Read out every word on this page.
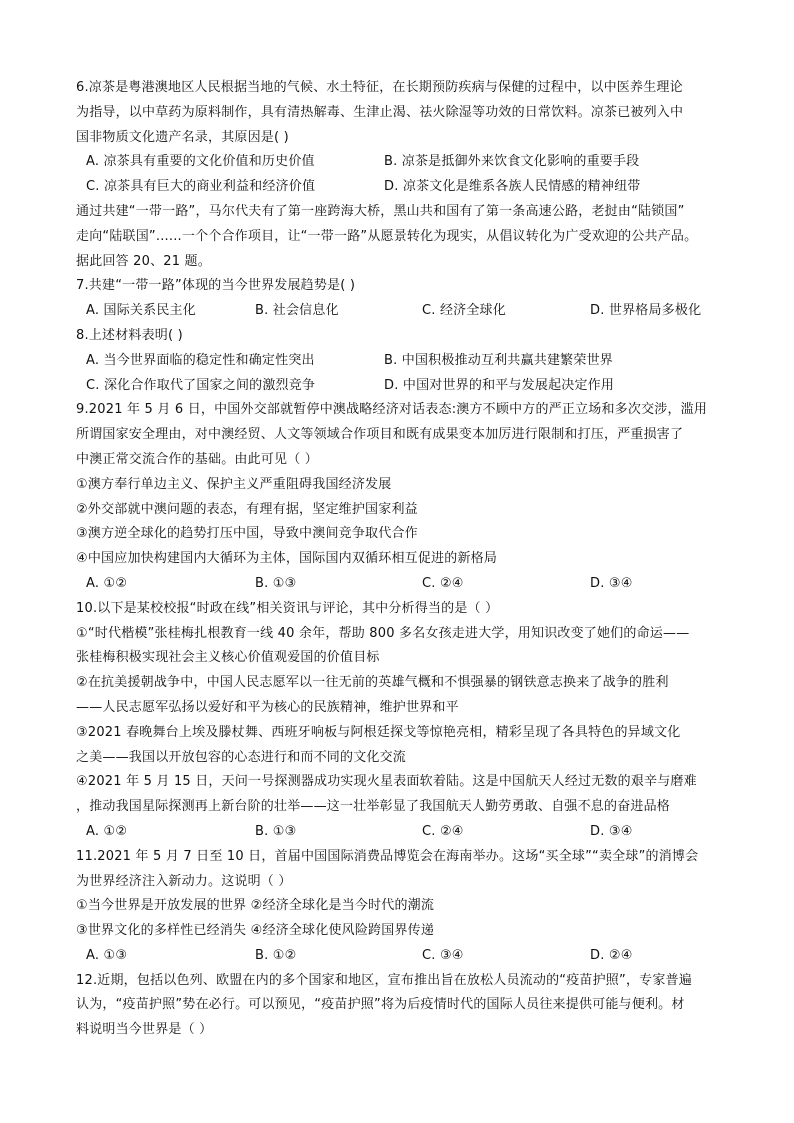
6.凉茶是粤港澳地区人民根据当地的气候、水土特征，在长期预防疾病与保健的过程中，以中医养生理论
为指导，以中草药为原料制作，具有清热解毒、生津止渴、祛火除湿等功效的日常饮料。凉茶已被列入中
国非物质文化遗产名录，其原因是( )
A. 凉茶具有重要的文化价值和历史价值	B. 凉茶是抵御外来饮食文化影响的重要手段
C. 凉茶具有巨大的商业利益和经济价值	D. 凉茶文化是维系各族人民情感的精神纽带
通过共建“一带一路”，马尔代夫有了第一座跨海大桥，黑山共和国有了第一条高速公路，老挝由“陆锁国”
走向“陆联国”......一个个合作项目，让“一带一路”从愿景转化为现实，从倡议转化为广受欢迎的公共产品。
据此回答 20、21 题。
7.共建“一带一路”体现的当今世界发展趋势是( )
A. 国际关系民主化	B. 社会信息化	C. 经济全球化	D. 世界格局多极化
8.上述材料表明( )
A. 当今世界面临的稳定性和确定性突出	B. 中国积极推动互利共赢共建繁荣世界
C. 深化合作取代了国家之间的激烈竞争	D. 中国对世界的和平与发展起决定作用
9.2021 年 5 月 6 日，中国外交部就暂停中澳战略经济对话表态:澳方不顾中方的严正立场和多次交涉，滥用
所谓国家安全理由，对中澳经贸、人文等领域合作项目和既有成果变本加厉进行限制和打压，严重损害了
中澳正常交流合作的基础。由此可见（ ）
①澳方奉行单边主义、保护主义严重阻碍我国经济发展
②外交部就中澳问题的表态，有理有据，坚定维护国家利益
③澳方逆全球化的趋势打压中国，导致中澳间竞争取代合作
④中国应加快构建国内大循环为主体，国际国内双循环相互促进的新格局
A. ①②	B. ①③	C. ②④	D. ③④
10.以下是某校校报“时政在线”相关资讯与评论，其中分析得当的是（ ）
①“时代楷模”张桂梅扎根教育一线 40 余年，帮助 800 多名女孩走进大学，用知识改变了她们的命运——
张桂梅积极实现社会主义核心价值观爱国的价值目标
②在抗美援朝战争中，中国人民志愿军以一往无前的英雄气概和不惧强暴的钢铁意志换来了战争的胜利
——人民志愿军弘扬以爱好和平为核心的民族精神，维护世界和平
③2021 春晚舞台上埃及滕杖舞、西班牙响板与阿根廷探戈等惊艳亮相，精彩呈现了各具特色的异域文化
之美——我国以开放包容的心态进行和而不同的文化交流
④2021 年 5 月 15 日，天问一号探测器成功实现火星表面软着陆。这是中国航天人经过无数的艰辛与磨难
，推动我国星际探测再上新台阶的壮举——这一壮举彰显了我国航天人勤劳勇敢、自强不息的奋进品格
A. ①②	B. ①③	C. ②④	D. ③④
11.2021 年 5 月 7 日至 10 日，首届中国国际消费品博览会在海南举办。这场“买全球”“卖全球”的消博会
为世界经济注入新动力。这说明（ ）
①当今世界是开放发展的世界 ②经济全球化是当今时代的潮流
③世界文化的多样性已经消失 ④经济全球化使风险跨国界传递
A. ①③	B. ①②	C. ③④	D. ②④
12.近期，包括以色列、欧盟在内的多个国家和地区，宣布推出旨在放松人员流动的“疫苗护照”，专家普遍
认为，“疫苗护照”势在必行。可以预见，“疫苗护照”将为后疫情时代的国际人员往来提供可能与便利。材
料说明当今世界是（ ）
